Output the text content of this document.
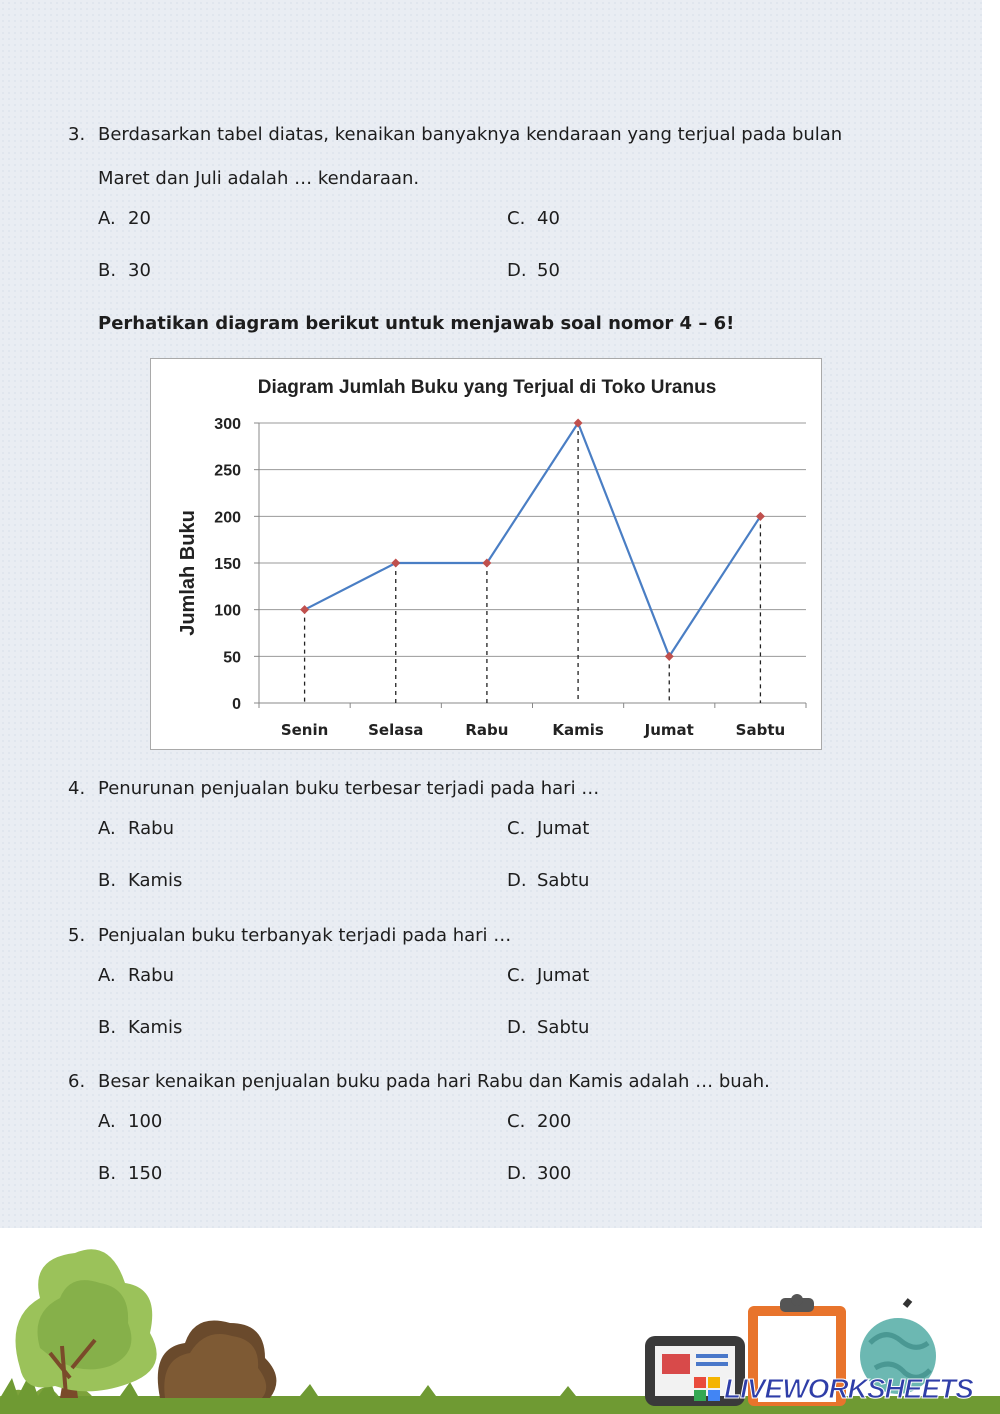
3. Berdasarkan tabel diatas, kenaikan banyaknya kendaraan yang terjual pada bulan
Maret dan Juli adalah … kendaraan.
A. 20
B. 30
C. 40
D. 50
Perhatikan diagram berikut untuk menjawab soal nomor 4 – 6!
0
50
100
150
200
250
300
Senin	Selasa	Rabu	Kamis	Jumat	Sabtu
Diagram Jumlah Buku yang Terjual di Toko Uranus
Jumlah Buku
4. Penurunan penjualan buku terbesar terjadi pada hari …
A. Rabu
B. Kamis
C. Jumat
D. Sabtu
5. Penjualan buku terbanyak terjadi pada hari …
A. Rabu
B. Kamis
C. Jumat
D. Sabtu
6. Besar kenaikan penjualan buku pada hari Rabu dan Kamis adalah … buah.
A. 100
B. 150
C. 200
D. 300
LIVEWORKSHEETS
